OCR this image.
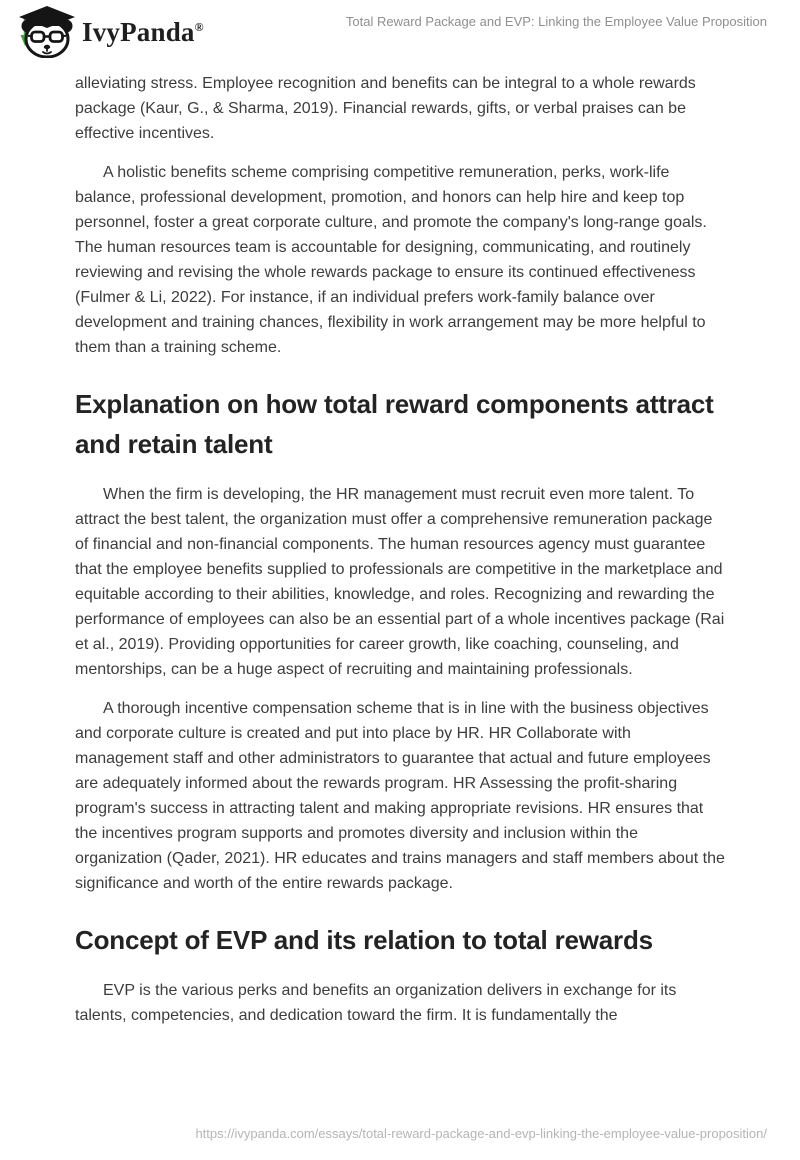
IvyPanda®	Total Reward Package and EVP: Linking the Employee Value Proposition

alleviating stress. Employee recognition and benefits can be integral to a whole rewards package (Kaur, G., & Sharma, 2019). Financial rewards, gifts, or verbal praises can be effective incentives.

A holistic benefits scheme comprising competitive remuneration, perks, work-life balance, professional development, promotion, and honors can help hire and keep top personnel, foster a great corporate culture, and promote the company's long-range goals. The human resources team is accountable for designing, communicating, and routinely reviewing and revising the whole rewards package to ensure its continued effectiveness (Fulmer & Li, 2022). For instance, if an individual prefers work-family balance over development and training chances, flexibility in work arrangement may be more helpful to them than a training scheme.

Explanation on how total reward components attract and retain talent

When the firm is developing, the HR management must recruit even more talent. To attract the best talent, the organization must offer a comprehensive remuneration package of financial and non-financial components. The human resources agency must guarantee that the employee benefits supplied to professionals are competitive in the marketplace and equitable according to their abilities, knowledge, and roles. Recognizing and rewarding the performance of employees can also be an essential part of a whole incentives package (Rai et al., 2019). Providing opportunities for career growth, like coaching, counseling, and mentorships, can be a huge aspect of recruiting and maintaining professionals.

A thorough incentive compensation scheme that is in line with the business objectives and corporate culture is created and put into place by HR. HR Collaborate with management staff and other administrators to guarantee that actual and future employees are adequately informed about the rewards program. HR Assessing the profit-sharing program's success in attracting talent and making appropriate revisions. HR ensures that the incentives program supports and promotes diversity and inclusion within the organization (Qader, 2021). HR educates and trains managers and staff members about the significance and worth of the entire rewards package.

Concept of EVP and its relation to total rewards

EVP is the various perks and benefits an organization delivers in exchange for its talents, competencies, and dedication toward the firm. It is fundamentally the

https://ivypanda.com/essays/total-reward-package-and-evp-linking-the-employee-value-proposition/
